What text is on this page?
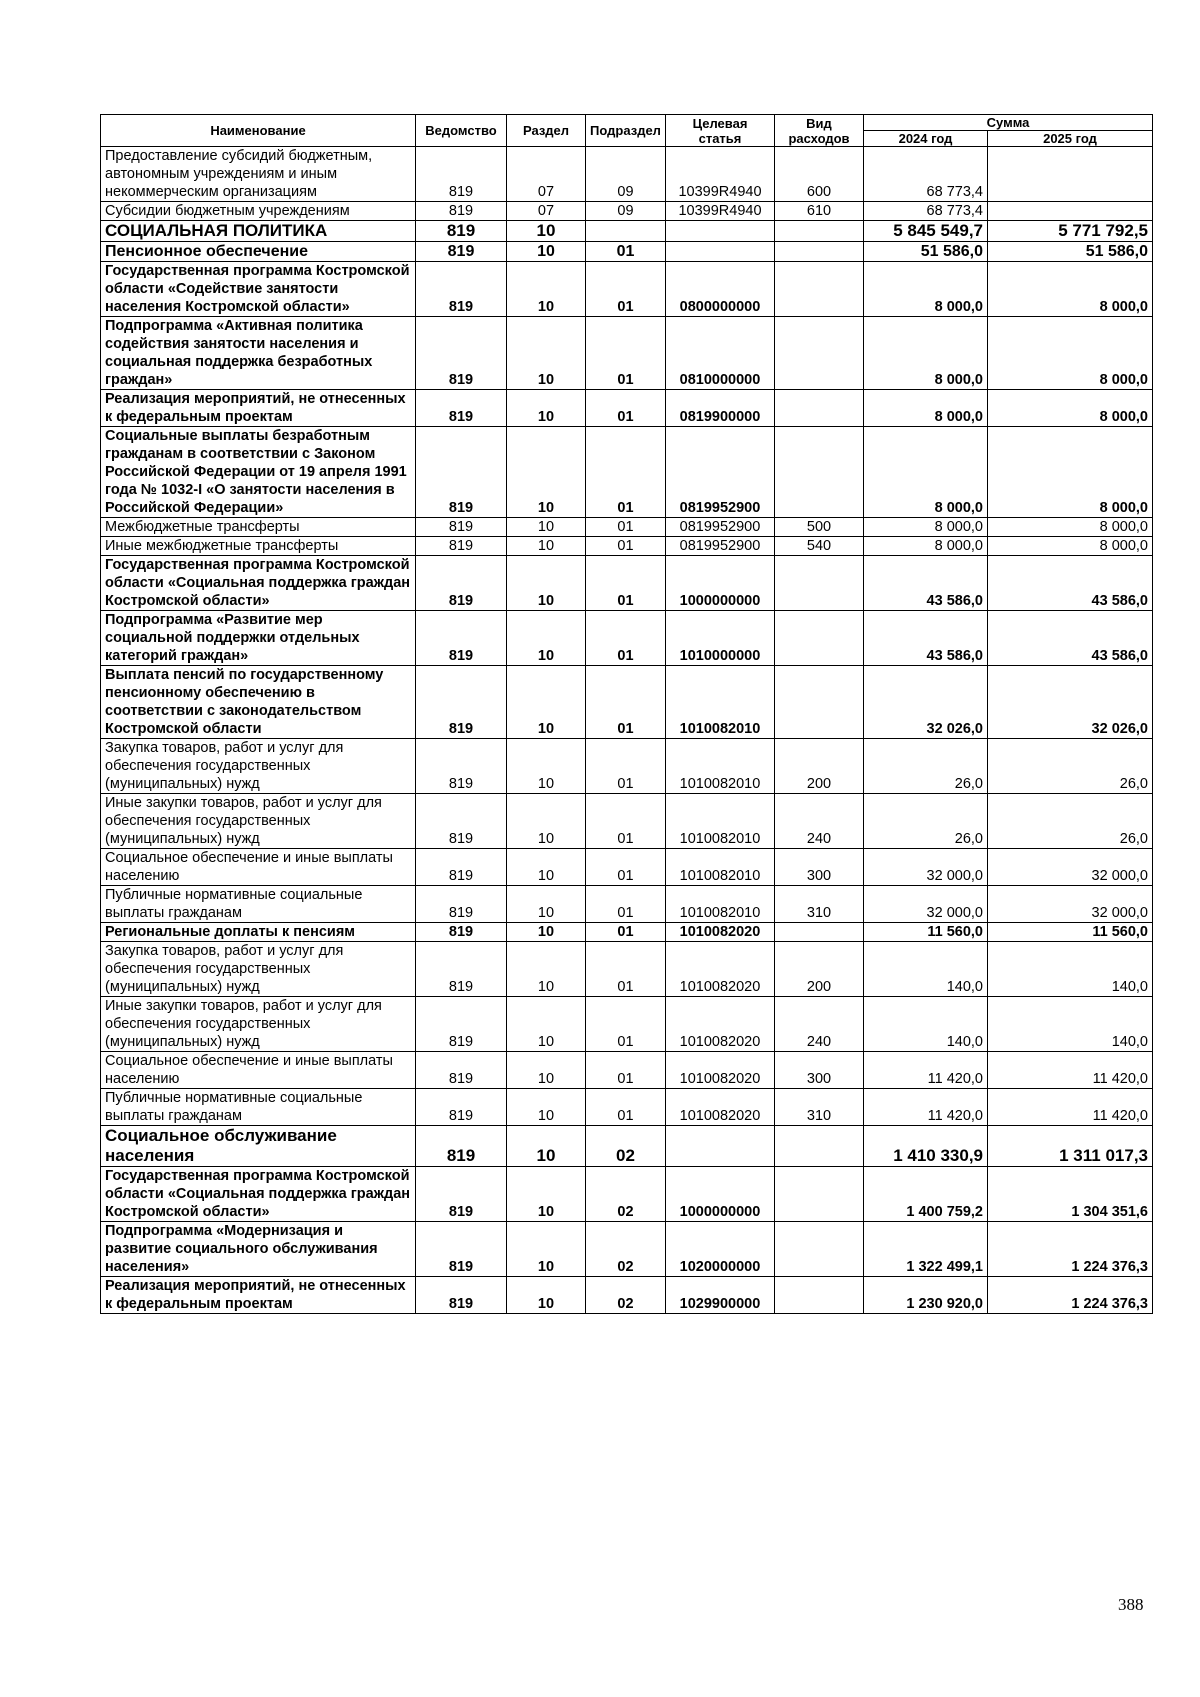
Наименование	Ведомство	Раздел	Подраздел	Целевая статья	Вид расходов	Сумма	
						2024 год	2025 год
Предоставление субсидий бюджетным, автономным учреждениям и иным некоммерческим организациям	819	07	09	10399R4940	600	68 773,4	
Субсидии бюджетным учреждениям	819	07	09	10399R4940	610	68 773,4	
СОЦИАЛЬНАЯ ПОЛИТИКА	819	10				5 845 549,7	5 771 792,5
Пенсионное обеспечение	819	10	01			51 586,0	51 586,0
Государственная программа Костромской области «Содействие занятости населения Костромской области»	819	10	01	0800000000		8 000,0	8 000,0
Подпрограмма «Активная политика содействия занятости населения и социальная поддержка безработных граждан»	819	10	01	0810000000		8 000,0	8 000,0
Реализация мероприятий, не отнесенных к федеральным проектам	819	10	01	0819900000		8 000,0	8 000,0
Социальные выплаты безработным гражданам в соответствии с Законом Российской Федерации от 19 апреля 1991 года № 1032-I «О занятости населения в Российской Федерации»	819	10	01	0819952900		8 000,0	8 000,0
Межбюджетные трансферты	819	10	01	0819952900	500	8 000,0	8 000,0
Иные межбюджетные трансферты	819	10	01	0819952900	540	8 000,0	8 000,0
Государственная программа Костромской области «Социальная поддержка граждан Костромской области»	819	10	01	1000000000		43 586,0	43 586,0
Подпрограмма «Развитие мер социальной поддержки отдельных категорий граждан»	819	10	01	1010000000		43 586,0	43 586,0
Выплата пенсий по государственному пенсионному обеспечению в соответствии с законодательством Костромской области	819	10	01	1010082010		32 026,0	32 026,0
Закупка товаров, работ и услуг для обеспечения государственных (муниципальных) нужд	819	10	01	1010082010	200	26,0	26,0
Иные закупки товаров, работ и услуг для обеспечения государственных (муниципальных) нужд	819	10	01	1010082010	240	26,0	26,0
Социальное обеспечение и иные выплаты населению	819	10	01	1010082010	300	32 000,0	32 000,0
Публичные нормативные социальные выплаты гражданам	819	10	01	1010082010	310	32 000,0	32 000,0
Региональные доплаты к пенсиям	819	10	01	1010082020		11 560,0	11 560,0
Закупка товаров, работ и услуг для обеспечения государственных (муниципальных) нужд	819	10	01	1010082020	200	140,0	140,0
Иные закупки товаров, работ и услуг для обеспечения государственных (муниципальных) нужд	819	10	01	1010082020	240	140,0	140,0
Социальное обеспечение и иные выплаты населению	819	10	01	1010082020	300	11 420,0	11 420,0
Публичные нормативные социальные выплаты гражданам	819	10	01	1010082020	310	11 420,0	11 420,0
Социальное обслуживание населения	819	10	02			1 410 330,9	1 311 017,3
Государственная программа Костромской области «Социальная поддержка граждан Костромской области»	819	10	02	1000000000		1 400 759,2	1 304 351,6
Подпрограмма «Модернизация и развитие социального обслуживания населения»	819	10	02	1020000000		1 322 499,1	1 224 376,3
Реализация мероприятий, не отнесенных к федеральным проектам	819	10	02	1029900000		1 230 920,0	1 224 376,3
388
